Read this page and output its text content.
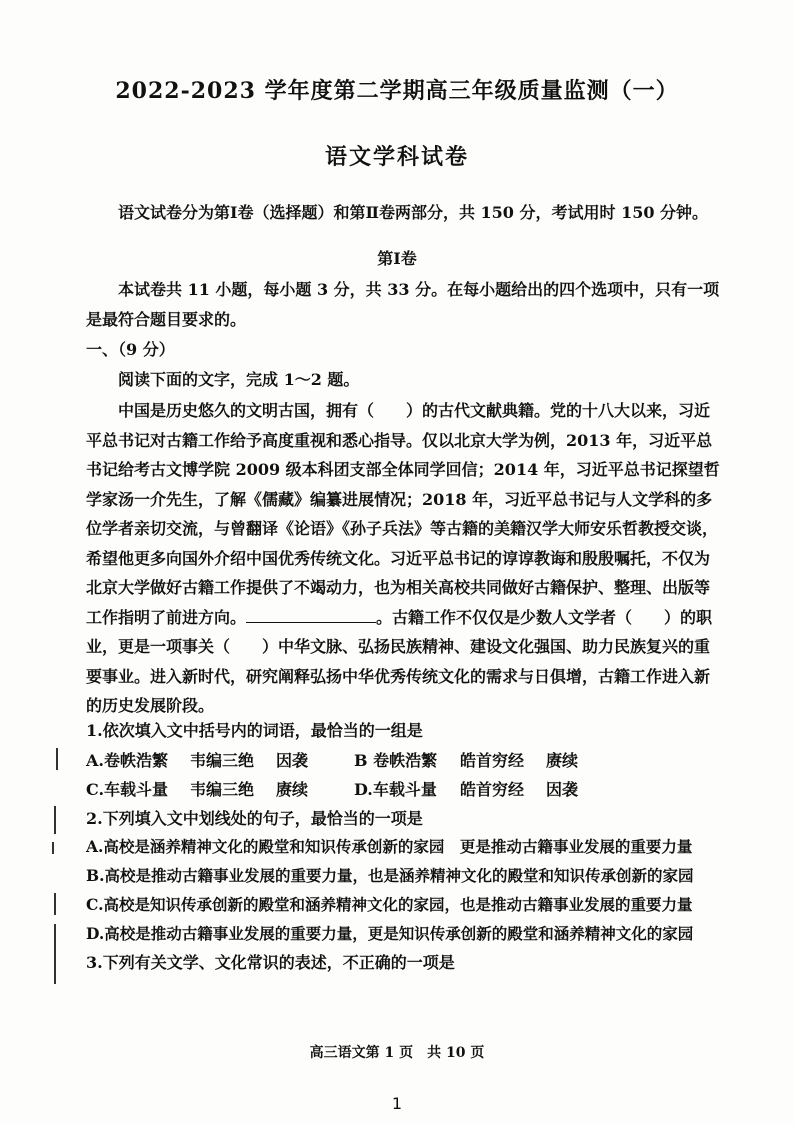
2022-2023 学年度第二学期高三年级质量监测（一）
语文学科试卷
语文试卷分为第Ⅰ卷（选择题）和第Ⅱ卷两部分，共 150 分，考试用时 150 分钟。
第Ⅰ卷
本试卷共 11 小题，每小题 3 分，共 33 分。在每小题给出的四个选项中，只有一项是最符合题目要求的。
一、（9 分）
阅读下面的文字，完成 1～2 题。
中国是历史悠久的文明古国，拥有（　　）的古代文献典籍。党的十八大以来，习近平总书记对古籍工作给予高度重视和悉心指导。仅以北京大学为例，2013 年，习近平总书记给考古文博学院 2009 级本科团支部全体同学回信；2014 年，习近平总书记探望哲学家汤一介先生，了解《儒藏》编纂进展情况；2018 年，习近平总书记与人文学科的多位学者亲切交流，与曾翻译《论语》《孙子兵法》等古籍的美籍汉学大师安乐哲教授交谈，希望他更多向国外介绍中国优秀传统文化。习近平总书记的谆谆教诲和殷殷嘱托，不仅为北京大学做好古籍工作提供了不竭动力，也为相关高校共同做好古籍保护、整理、出版等工作指明了前进方向。	。古籍工作不仅仅是少数人文学者（　　）的职业，更是一项事关（　　）中华文脉、弘扬民族精神、建设文化强国、助力民族复兴的重要事业。进入新时代，研究阐释弘扬中华优秀传统文化的需求与日俱增，古籍工作进入新的历史发展阶段。
1.依次填入文中括号内的词语，最恰当的一组是
A.卷帙浩繁 韦编三绝 因袭	B 卷帙浩繁 皓首穷经 赓续
C.车载斗量 韦编三绝 赓续	D.车载斗量 皓首穷经 因袭
2.下列填入文中划线处的句子，最恰当的一项是
A.高校是涵养精神文化的殿堂和知识传承创新的家园　更是推动古籍事业发展的重要力量
B.高校是推动古籍事业发展的重要力量，也是涵养精神文化的殿堂和知识传承创新的家园
C.高校是知识传承创新的殿堂和涵养精神文化的家园，也是推动古籍事业发展的重要力量
D.高校是推动古籍事业发展的重要力量，更是知识传承创新的殿堂和涵养精神文化的家园
3.下列有关文学、文化常识的表述，不正确的一项是
高三语文第 1 页　共 10 页
1
